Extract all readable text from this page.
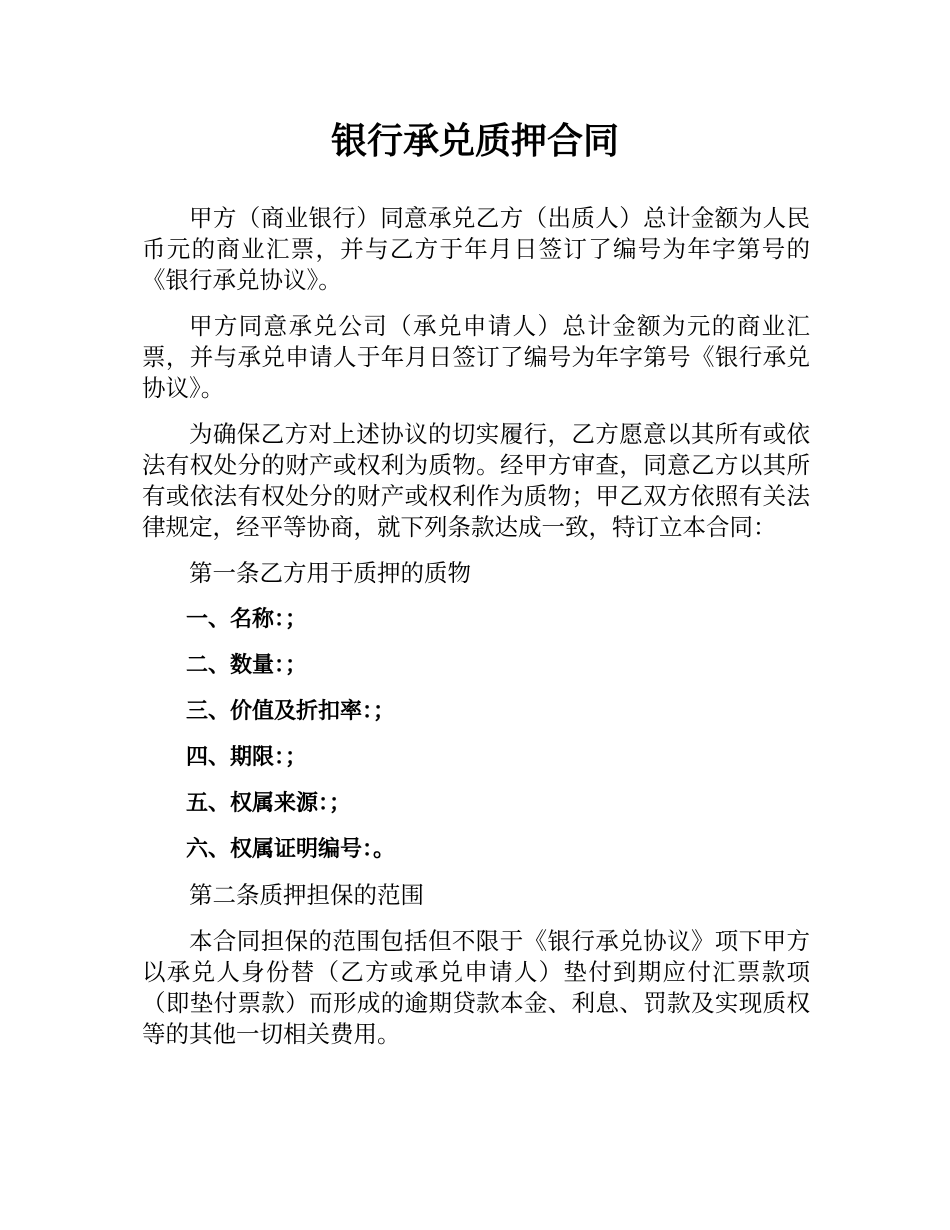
银行承兑质押合同

甲方（商业银行）同意承兑乙方（出质人）总计金额为人民币元的商业汇票，并与乙方于年月日签订了编号为年字第号的《银行承兑协议》。

甲方同意承兑公司（承兑申请人）总计金额为元的商业汇票，并与承兑申请人于年月日签订了编号为年字第号《银行承兑协议》。

为确保乙方对上述协议的切实履行，乙方愿意以其所有或依法有权处分的财产或权利为质物。经甲方审查，同意乙方以其所有或依法有权处分的财产或权利作为质物；甲乙双方依照有关法律规定，经平等协商，就下列条款达成一致，特订立本合同：

第一条乙方用于质押的质物

一、名称：；

二、数量：；

三、价值及折扣率：；

四、期限：；

五、权属来源：；

六、权属证明编号：。

第二条质押担保的范围

本合同担保的范围包括但不限于《银行承兑协议》项下甲方以承兑人身份替（乙方或承兑申请人）垫付到期应付汇票款项（即垫付票款）而形成的逾期贷款本金、利息、罚款及实现质权等的其他一切相关费用。
